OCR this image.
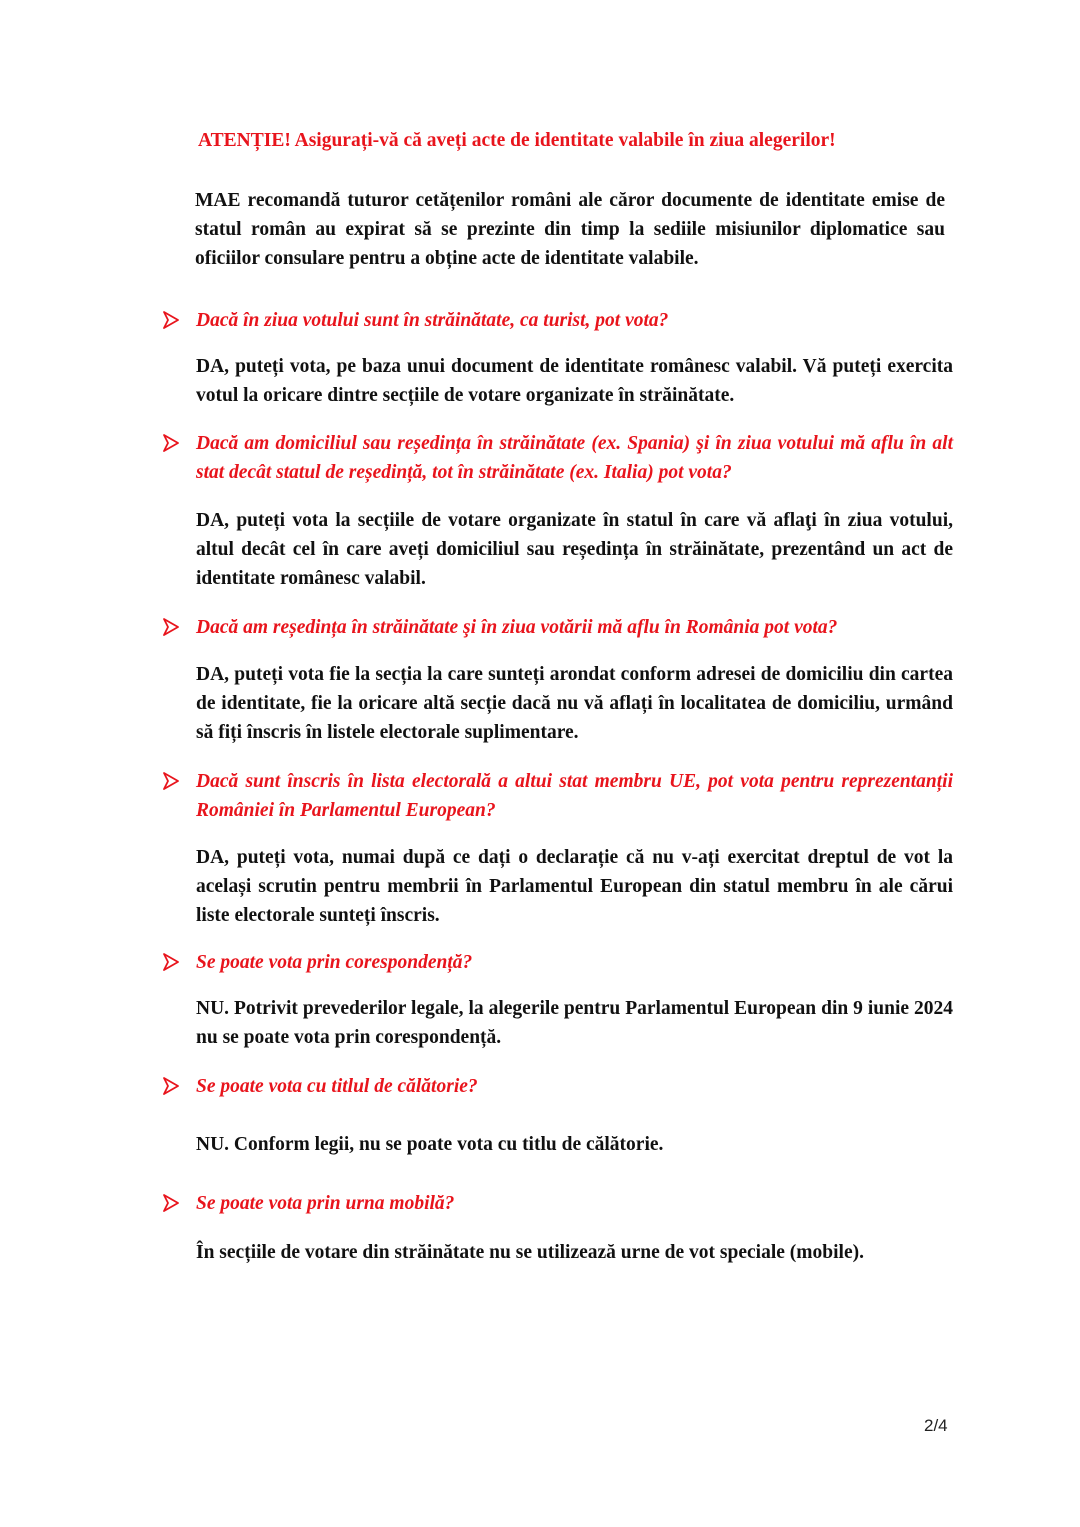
ATENȚIE! Asigurați-vă că aveți acte de identitate valabile în ziua alegerilor!
MAE recomandă tuturor cetățenilor români ale căror documente de identitate emise de statul român au expirat să se prezinte din timp la sediile misiunilor diplomatice sau oficiilor consulare pentru a obține acte de identitate valabile.
Dacă în ziua votului sunt în străinătate, ca turist, pot vota?
DA, puteți vota, pe baza unui document de identitate românesc valabil. Vă puteți exercita votul la oricare dintre secțiile de votare organizate în străinătate.
Dacă am domiciliul sau reședința în străinătate (ex. Spania) şi în ziua votului mă aflu în alt stat decât statul de reședință, tot în străinătate (ex. Italia) pot vota?
DA, puteți vota la secțiile de votare organizate în statul în care vă aflaţi în ziua votului, altul decât cel în care aveți domiciliul sau reședința în străinătate, prezentând un act de identitate românesc valabil.
Dacă am reședința în străinătate şi în ziua votării mă aflu în România pot vota?
DA, puteți vota fie la secția la care sunteți arondat conform adresei de domiciliu din cartea de identitate, fie la oricare altă secție dacă nu vă aflați în localitatea de domiciliu, urmând să fiți înscris în listele electorale suplimentare.
Dacă sunt înscris în lista electorală a altui stat membru UE, pot vota pentru reprezentanții României în Parlamentul European?
DA, puteți vota, numai după ce dați o declarație că nu v-ați exercitat dreptul de vot la același scrutin pentru membrii în Parlamentul European din statul membru în ale cărui liste electorale sunteți înscris.
Se poate vota prin corespondență?
NU. Potrivit prevederilor legale, la alegerile pentru Parlamentul European din 9 iunie 2024 nu se poate vota prin corespondență.
Se poate vota cu titlul de călătorie?
NU. Conform legii, nu se poate vota cu titlu de călătorie.
Se poate vota prin urna mobilă?
În secțiile de votare din străinătate nu se utilizează urne de vot speciale (mobile).
2/4
